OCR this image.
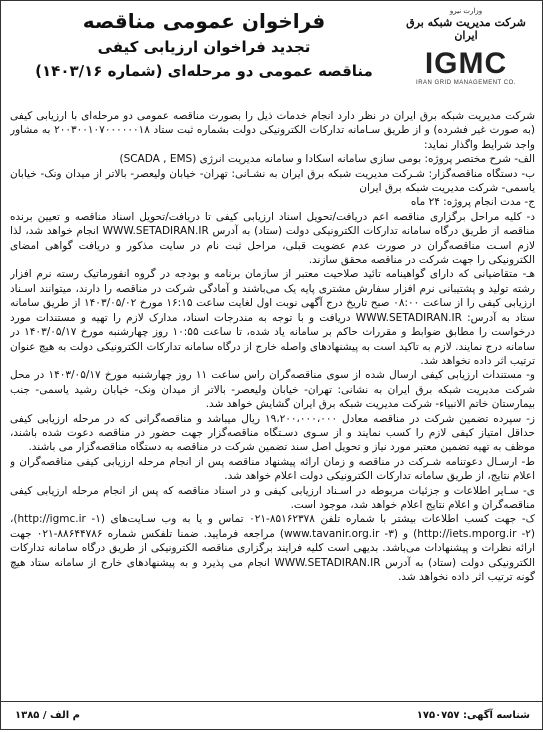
وزارت نیرو
شرکت مدیریت شبکه برق ایران
IGMC
IRAN GRID MANAGEMENT CO.
فراخوان عمومی مناقصه
تجدید فراخوان ارزیابی کیفی
مناقصه عمومی دو مرحله‌ای (شماره ۱۴۰۳/۱۶)

شرکت مدیریت شبکه برق ایران در نظر دارد انجام خدمات ذیل را بصورت مناقصه عمومی دو مرحله‌ای با ارزیابی کیفی (به صورت غیر فشرده) و از طریق سـامانه تدارکات الکترونیکی دولت بشماره ثبت ستاد ۲۰۰۳۰۰۱۰۷۰۰۰۰۰۰۱۸ به مشاور واجد شرایط واگذار نماید:

الف- شرح مختصر پروژه: بومی سازی سامانه اسکادا و سامانه مدیریت انرژی (SCADA , EMS)

ب- دستگاه مناقصه‌گزار: شـرکت مدیریت شبکه برق ایران به نشـانی: تهران- خیابان ولیعصر- بالاتر از میدان ونک- خیابان یاسمی- شرکت مدیریت شبکه برق ایران

ج- مدت انجام پروژه: ۲۴ ماه

د- کلیه مراحل برگزاری مناقصه اعم دریافت/تحویل اسناد ارزیابی کیفی تا دریافت/تحویل اسناد مناقصه و تعیین برنده مناقصه از طریق درگاه سامانه تدارکات الکترونیکی دولت (ستاد) به آدرس WWW.SETADIRAN.IR انجام خواهد شد، لذا لازم اسـت مناقصه‌گران در صورت عدم عضویت قبلی، مراحل ثبت نام در سایت مذکور و دریافت گواهی امضای الکترونیکی را جهت شرکت در مناقصه محقق سازند.

هـ- متقاضیانی که دارای گواهینامه تائید صلاحیت معتبر از سازمان برنامه و بودجه در گروه انفورماتیک رسته نرم افزار رشته تولید و پشتیبانی نرم افزار سفارش مشتری پایه یک می‌باشند و آمادگی شرکت در مناقصه را دارند، میتوانند اسـناد ارزیابی کیفی را از ساعت ۰۸:۰۰ صبح تاریخ درج آگهی نوبت اول لغایت ساعت ۱۶:۱۵ مورخ ۱۴۰۳/۰۵/۰۲ از طریق سامانه ستاد به آدرس: WWW.SETADIRAN.IR دریافت و با توجه به مندرجات اسناد، مدارک لازم را تهیه و مستندات مورد درخواست را مطابق ضوابط و مقررات حاکم بر سامانه یاد شده، تا ساعت ۱۰:۵۵ روز چهارشنبه مورخ ۱۴۰۳/۰۵/۱۷ در سامانه درج نمایند. لازم به تاکید است به پیشنهادهای واصله خارج از درگاه سامانه تدارکات الکترونیکی دولت به هیچ عنوان ترتیب اثر داده نخواهد شد.

و- مستندات ارزیابی کیفی ارسال شده از سوی مناقصه‌گران راس ساعت ۱۱ روز چهارشنبه مورخ ۱۴۰۳/۰۵/۱۷ در محل شرکت مدیریت شبکه برق ایران به نشانی: تهران- خیابان ولیعصر- بالاتر از میدان ونک- خیابان رشید یاسمی- جنب بیمارستان خاتم الانبیاء- شرکت مدیریت شبکه برق ایران گشایش خواهد شد.

ز- سپرده تضمین شرکت در مناقصه معادل ۱۹،۲۰۰،۰۰۰،۰۰۰ ریال میباشد و مناقصه‌گرانی که در مرحله ارزیابی کیفی حداقل امتیاز کیفی لازم را کسب نمایند و از سـوی دسـتگاه مناقصه‌گزار جهت حضور در مناقصه دعوت شده باشند، موظف به تهیه تضمین معتبر مورد نیاز و تحویل اصل سند تضمین شرکت در مناقصه به دستگاه مناقصه‌گزار می باشند.

ط- ارسـال دعوتنامه شـرکت در مناقصه و زمان ارائه پیشنهاد مناقصه پس از انجام مرحله ارزیابی کیفی مناقصه‌گران و اعلام نتایج، از طریق سامانه تدارکات الکترونیکی دولت اعلام خواهد شد.

ی- سـایر اطلاعات و جزئیات مربوطه در اسـناد ارزیابی کیفی و در اسناد مناقصه که پس از انجام مرحله ارزیابی کیفی مناقصه‌گران و اعلام نتایج اعلام خواهد شد، موجود است.

ک- جهت کسب اطلاعات بیشتر با شماره تلفن ۸۵۱۶۲۳۷۸-۰۲۱ تماس و یا به وب سـایت‌های (http://igmc.ir -۱)، (http://iets.mporg.ir -۲) و (www.tavanir.org.ir -۳) مراجعه فرمایید. ضمنا تلفکس شماره ۸۸۶۴۴۷۸۶-۰۲۱ جهت ارائه نظرات و پیشنهادات می‌باشد. بدیهی است کلیه فرایند برگزاری مناقصه الکترونیکی از طریق درگاه سامانه تدارکات الکترونیکی دولت (ستاد) به آدرس WWW.SETADIRAN.IR انجام می پذیرد و به پیشنهادهای خارج از سامانه ستاد هیچ گونه ترتیب اثر داده نخواهد شد.

شناسه آگهی: ۱۷۵۰۷۵۷
م الف / ۱۳۸۵
